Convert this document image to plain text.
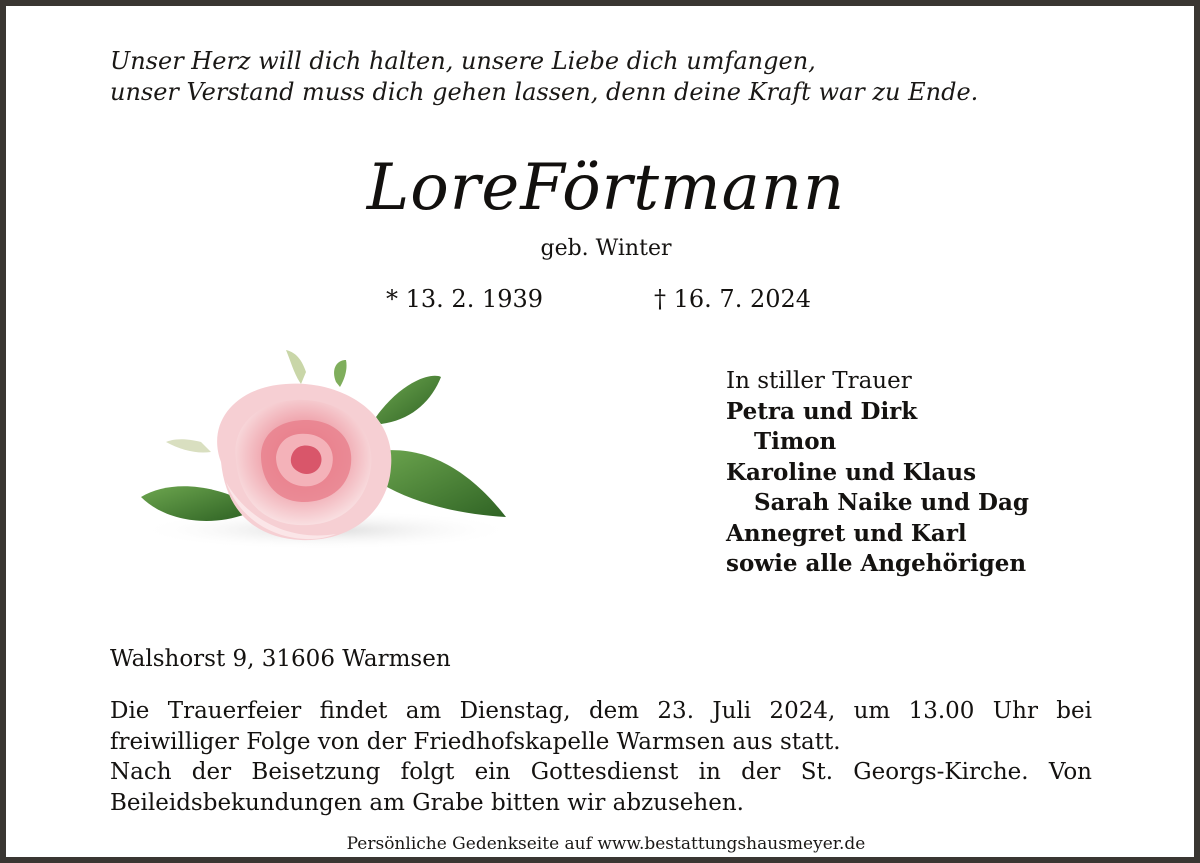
Unser Herz will dich halten, unsere Liebe dich umfangen,
unser Verstand muss dich gehen lassen, denn deine Kraft war zu Ende.
LoreFörtmann
geb. Winter
* 13. 2. 1939	† 16. 7. 2024
In stiller Trauer
Petra und Dirk
Timon
Karoline und Klaus
Sarah Naike und Dag
Annegret und Karl
sowie alle Angehörigen
Walshorst 9, 31606 Warmsen
Die Trauerfeier findet am Dienstag, dem 23. Juli 2024, um 13.00 Uhr bei
freiwilliger Folge von der Friedhofskapelle Warmsen aus statt.
Nach der Beisetzung folgt ein Gottesdienst in der St. Georgs-Kirche. Von
Beileidsbekundungen am Grabe bitten wir abzusehen.
Persönliche Gedenkseite auf www.bestattungshausmeyer.de
